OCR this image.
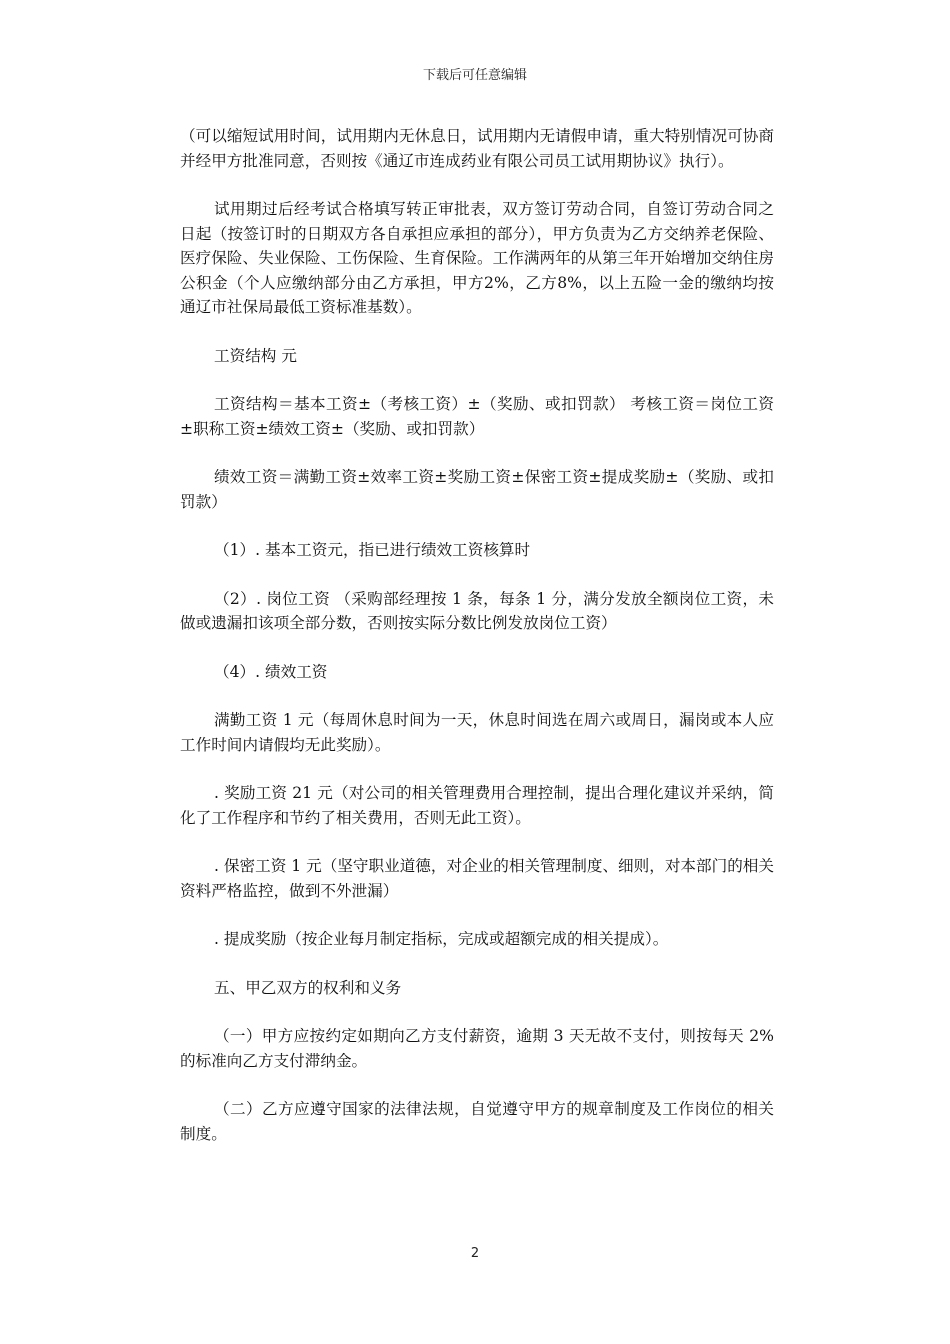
下载后可任意编辑

（可以缩短试用时间，试用期内无休息日，试用期内无请假申请，重大特别情况可协商并经甲方批准同意，否则按《通辽市连成药业有限公司员工试用期协议》执行）。

试用期过后经考试合格填写转正审批表，双方签订劳动合同，自签订劳动合同之日起（按签订时的日期双方各自承担应承担的部分），甲方负责为乙方交纳养老保险、医疗保险、失业保险、工伤保险、生育保险。工作满两年的从第三年开始增加交纳住房公积金（个人应缴纳部分由乙方承担，甲方2%，乙方8%，以上五险一金的缴纳均按通辽市社保局最低工资标准基数）。

工资结构 元

工资结构＝基本工资±（考核工资）±（奖励、或扣罚款） 考核工资＝岗位工资±职称工资±绩效工资±（奖励、或扣罚款）

绩效工资＝满勤工资±效率工资±奖励工资±保密工资±提成奖励±（奖励、或扣罚款）

（1）. 基本工资元，指已进行绩效工资核算时

（2）. 岗位工资 （采购部经理按 1 条，每条 1 分，满分发放全额岗位工资，未做或遗漏扣该项全部分数，否则按实际分数比例发放岗位工资）

（4）. 绩效工资

满勤工资 1 元（每周休息时间为一天，休息时间选在周六或周日，漏岗或本人应工作时间内请假均无此奖励）。

. 奖励工资 21 元（对公司的相关管理费用合理控制，提出合理化建议并采纳，简化了工作程序和节约了相关费用，否则无此工资）。

. 保密工资 1 元（坚守职业道德，对企业的相关管理制度、细则，对本部门的相关资料严格监控，做到不外泄漏）

. 提成奖励（按企业每月制定指标，完成或超额完成的相关提成）。

五、甲乙双方的权利和义务

（一）甲方应按约定如期向乙方支付薪资，逾期 3 天无故不支付，则按每天 2%的标准向乙方支付滞纳金。

（二）乙方应遵守国家的法律法规，自觉遵守甲方的规章制度及工作岗位的相关制度。

2
